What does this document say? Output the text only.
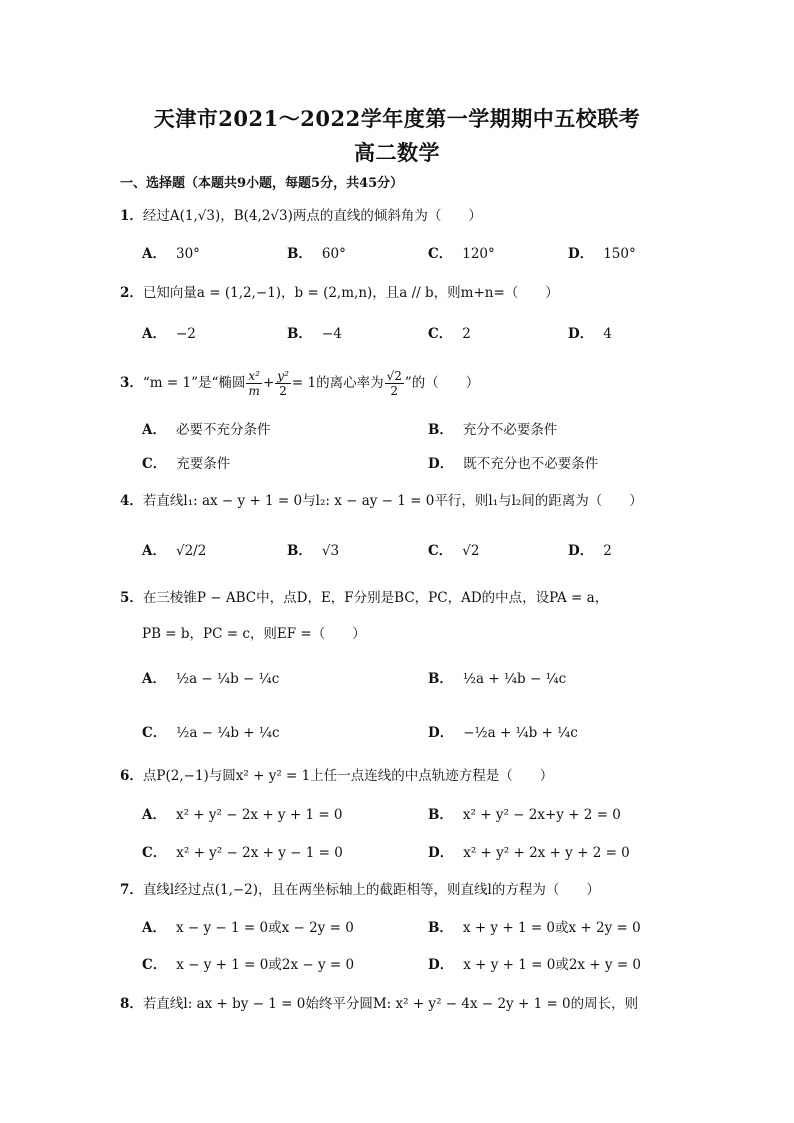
天津市2021～2022学年度第一学期期中五校联考
高二数学
一、选择题（本题共9小题，每题5分，共45分）
1．经过A(1,√3)，B(4,2√3)两点的直线的倾斜角为（　　）
A． 30°	B． 60°	C． 120°	D． 150°
2．已知向量a = (1,2,−1)，b = (2,m,n)，且a // b，则m+n=（　　）
A． −2	B． −4	C． 2	D． 4
3．“m = 1”是“椭圆 $\frac{\text{x²}}{m} + \frac{\text{y²}}{2} = 1$的离心率为 $\frac{√2}{2}$ ”的（　　）
A． 必要不充分条件	B． 充分不必要条件
C． 充要条件	D． 既不充分也不必要条件
4．若直线l₁: ax − y + 1 = 0与l₂: x − ay − 1 = 0平行，则l₁与l₂间的距离为（　　）
A． √2/2	B． √3	C． √2	D． 2
5．在三棱锥P − ABC中，点D，E，F分别是BC，PC，AD的中点，设PA = a，
PB = b，PC = c，则EF =（　　）
A． ½a − ¼b − ¼c	B． ½a + ¼b − ¼c
C． ½a − ¼b + ¼c	D． −½a + ¼b + ¼c
6．点P(2,−1)与圆x² + y² = 1上任一点连线的中点轨迹方程是（　　）
A． x² + y² − 2x + y + 1 = 0	B． x² + y² − 2x+y + 2 = 0
C． x² + y² − 2x + y − 1 = 0	D． x² + y² + 2x + y + 2 = 0
7．直线l经过点(1,−2)，且在两坐标轴上的截距相等，则直线l的方程为（　　）
A． x − y − 1 = 0或x − 2y = 0	B． x + y + 1 = 0或x + 2y = 0
C． x − y + 1 = 0或2x − y = 0	D． x + y + 1 = 0或2x + y = 0
8．若直线l: ax + by − 1 = 0始终平分圆M: x² + y² − 4x − 2y + 1 = 0的周长，则
